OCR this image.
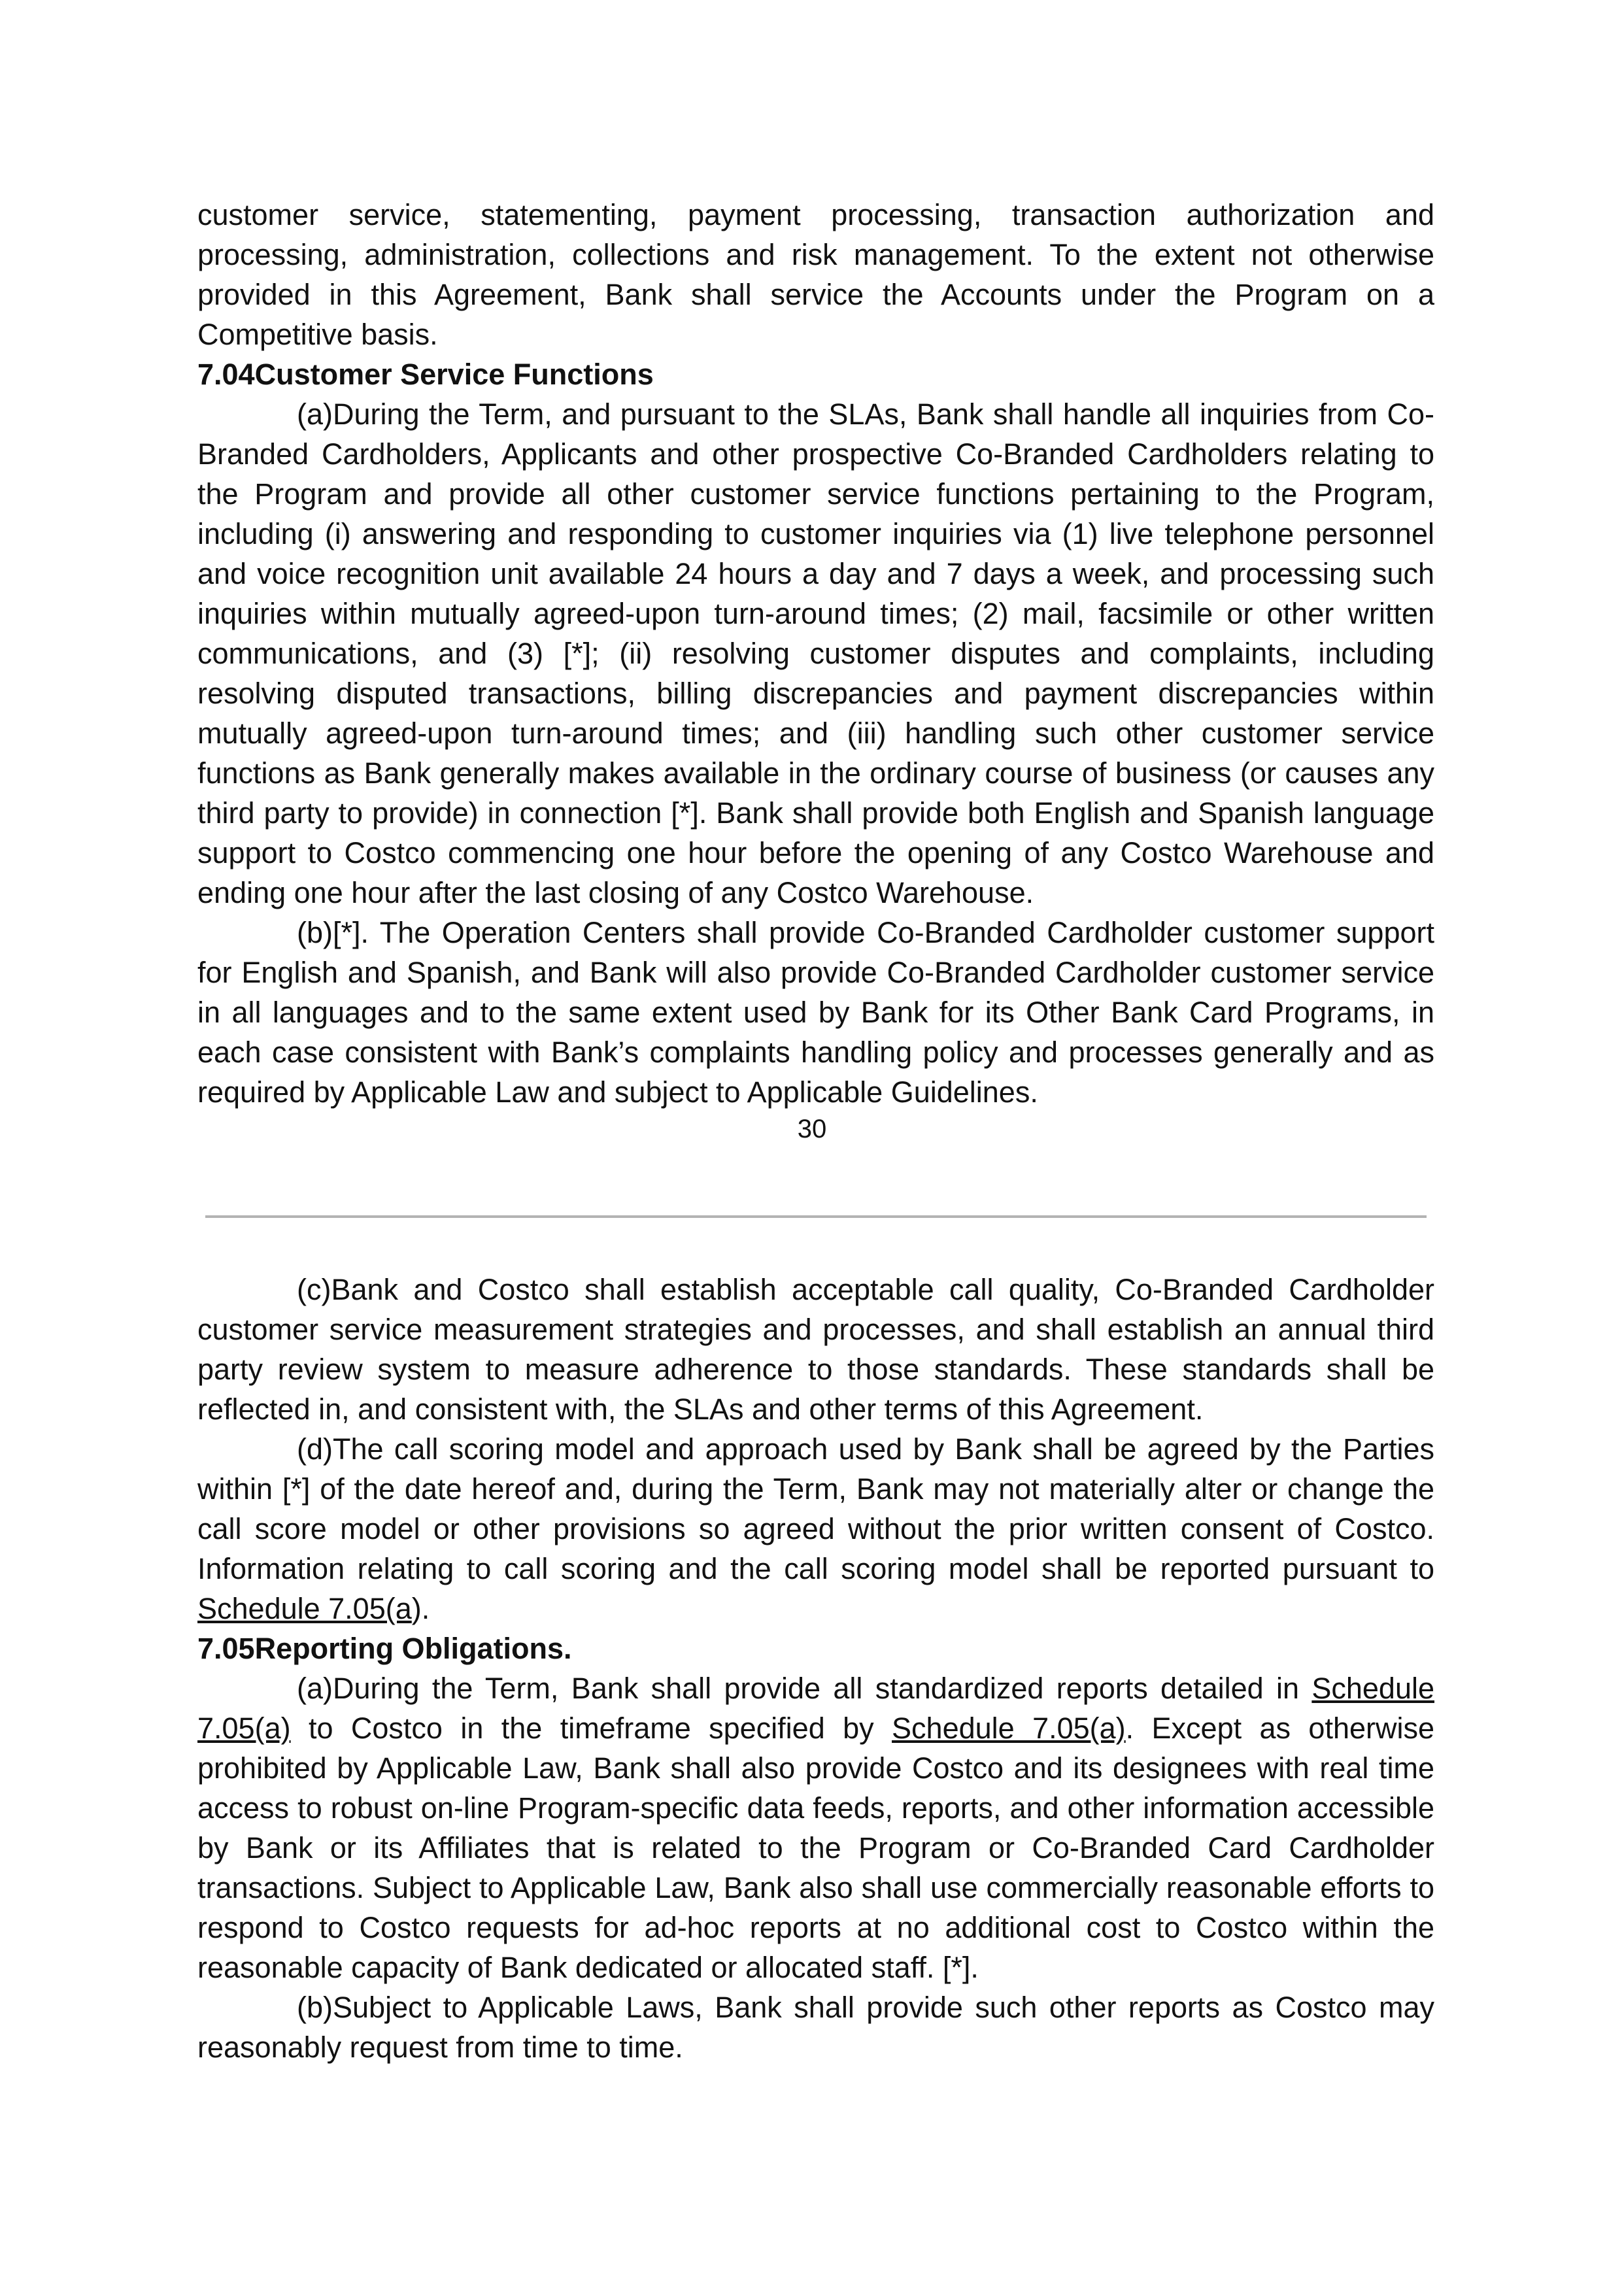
customer service, statementing, payment processing, transaction authorization and processing, administration, collections and risk management. To the extent not otherwise provided in this Agreement, Bank shall service the Accounts under the Program on a Competitive basis.

7.04Customer Service Functions

(a)During the Term, and pursuant to the SLAs, Bank shall handle all inquiries from Co-Branded Cardholders, Applicants and other prospective Co-Branded Cardholders relating to the Program and provide all other customer service functions pertaining to the Program, including (i) answering and responding to customer inquiries via (1) live telephone personnel and voice recognition unit available 24 hours a day and 7 days a week, and processing such inquiries within mutually agreed-upon turn-around times; (2) mail, facsimile or other written communications, and (3) [*]; (ii) resolving customer disputes and complaints, including resolving disputed transactions, billing discrepancies and payment discrepancies within mutually agreed-upon turn-around times; and (iii) handling such other customer service functions as Bank generally makes available in the ordinary course of business (or causes any third party to provide) in connection [*]. Bank shall provide both English and Spanish language support to Costco commencing one hour before the opening of any Costco Warehouse and ending one hour after the last closing of any Costco Warehouse.

(b)[*]. The Operation Centers shall provide Co-Branded Cardholder customer support for English and Spanish, and Bank will also provide Co-Branded Cardholder customer service in all languages and to the same extent used by Bank for its Other Bank Card Programs, in each case consistent with Bank’s complaints handling policy and processes generally and as required by Applicable Law and subject to Applicable Guidelines.

30

(c)Bank and Costco shall establish acceptable call quality, Co-Branded Cardholder customer service measurement strategies and processes, and shall establish an annual third party review system to measure adherence to those standards. These standards shall be reflected in, and consistent with, the SLAs and other terms of this Agreement.

(d)The call scoring model and approach used by Bank shall be agreed by the Parties within [*] of the date hereof and, during the Term, Bank may not materially alter or change the call score model or other provisions so agreed without the prior written consent of Costco. Information relating to call scoring and the call scoring model shall be reported pursuant to Schedule 7.05(a).

7.05Reporting Obligations.

(a)During the Term, Bank shall provide all standardized reports detailed in Schedule 7.05(a) to Costco in the timeframe specified by Schedule 7.05(a). Except as otherwise prohibited by Applicable Law, Bank shall also provide Costco and its designees with real time access to robust on-line Program-specific data feeds, reports, and other information accessible by Bank or its Affiliates that is related to the Program or Co-Branded Card Cardholder transactions. Subject to Applicable Law, Bank also shall use commercially reasonable efforts to respond to Costco requests for ad-hoc reports at no additional cost to Costco within the reasonable capacity of Bank dedicated or allocated staff. [*].

(b)Subject to Applicable Laws, Bank shall provide such other reports as Costco may reasonably request from time to time.
